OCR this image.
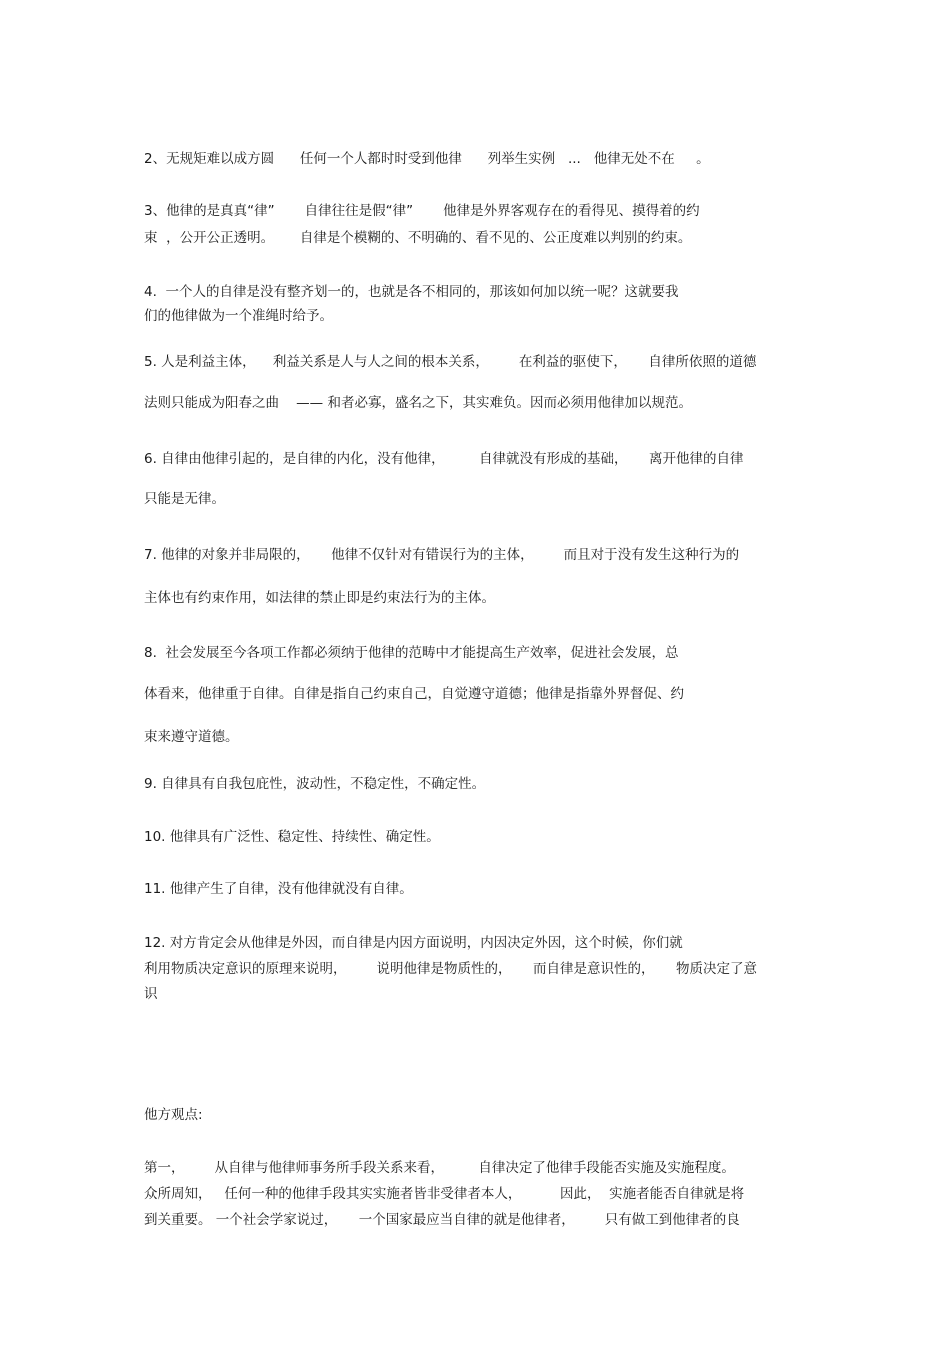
2、无规矩难以成方圆      任何一个人都时时受到他律      列举生实例   ...   他律无处不在     。
3、他律的是真真“律”       自律往往是假“律”       他律是外界客观存在的看得见、摸得着的约
束  ，公开公正透明。      自律是个模糊的、不明确的、看不见的、公正度难以判别的约束。
4.  一个人的自律是没有整齐划一的，也就是各不相同的，那该如何加以统一呢？这就要我
们的他律做为一个准绳时给予。
5. 人是利益主体，    利益关系是人与人之间的根本关系，       在利益的驱使下，     自律所依照的道德
法则只能成为阳春之曲    —— 和者必寡，盛名之下，其实难负。因而必须用他律加以规范。
6. 自律由他律引起的，是自律的内化，没有他律，        自律就没有形成的基础，     离开他律的自律
只能是无律。
7. 他律的对象并非局限的，     他律不仅针对有错误行为的主体，       而且对于没有发生这种行为的
主体也有约束作用，如法律的禁止即是约束法行为的主体。
8.  社会发展至今各项工作都必须纳于他律的范畴中才能提高生产效率，促进社会发展，总
体看来，他律重于自律。自律是指自己约束自己，自觉遵守道德；他律是指靠外界督促、约
束来遵守道德。
9. 自律具有自我包庇性，波动性，不稳定性，不确定性。
10. 他律具有广泛性、稳定性、持续性、确定性。
11. 他律产生了自律，没有他律就没有自律。
12. 对方肯定会从他律是外因，而自律是内因方面说明，内因决定外因，这个时候，你们就
利用物质决定意识的原理来说明，       说明他律是物质性的，     而自律是意识性的，     物质决定了意
识
他方观点:
第一，       从自律与他律师事务所手段关系来看，        自律决定了他律手段能否实施及实施程度。
众所周知，   任何一种的他律手段其实实施者皆非受律者本人，         因此，  实施者能否自律就是将
到关重要。 一个社会学家说过，     一个国家最应当自律的就是他律者，       只有做工到他律者的良
